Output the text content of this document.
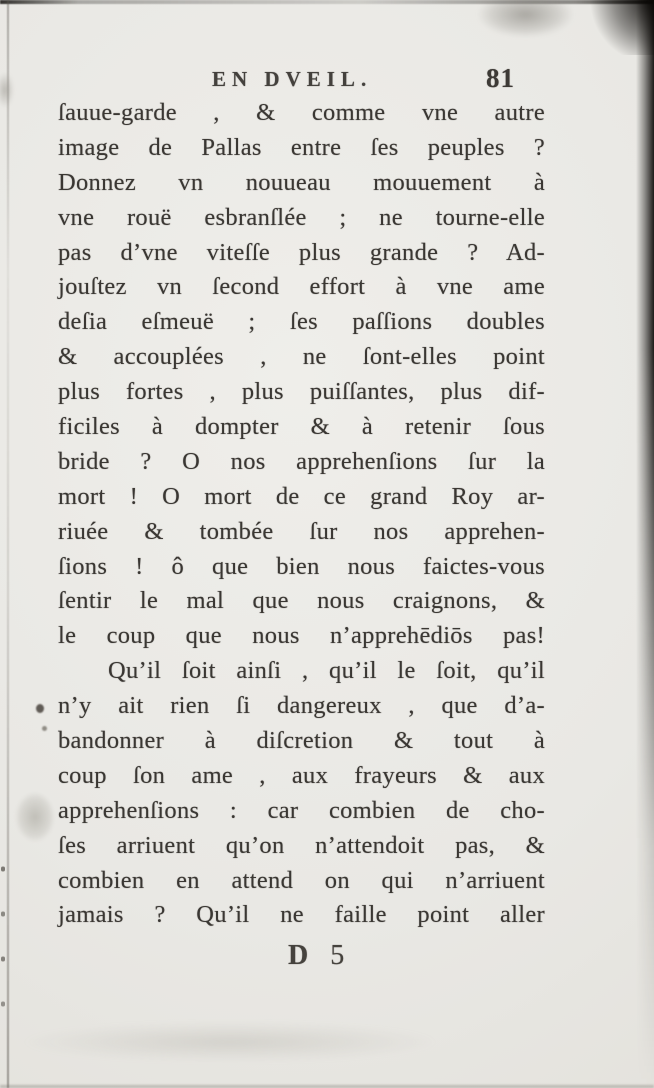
EN DVEIL.	81
ſauue-garde , & comme vne autre
image de Pallas entre ſes peuples ?
Donnez vn nouueau mouuement à
vne rouë esbranſlée ; ne tourne-elle
pas d’vne viteſſe plus grande ? Ad-
jouſtez vn ſecond effort à vne ame
deſia eſmeuë ; ſes paſſions doubles
& accouplées , ne ſont-elles point
plus fortes , plus puiſſantes, plus dif-
ficiles à dompter & à retenir ſous
bride ? O nos apprehenſions ſur la
mort ! O mort de ce grand Roy ar-
riuée & tombée ſur nos apprehen-
ſions ! ô que bien nous faictes-vous
ſentir le mal que nous craignons, &
le coup que nous n’apprehēdiōs pas!
Qu’il ſoit ainſi , qu’il le ſoit, qu’il
n’y ait rien ſi dangereux , que d’a-
bandonner à diſcretion & tout à
coup ſon ame , aux frayeurs & aux
apprehenſions : car combien de cho-
ſes arriuent qu’on n’attendoit pas, &
combien en attend on qui n’arriuent
jamais ? Qu’il ne faille point aller
D 5
